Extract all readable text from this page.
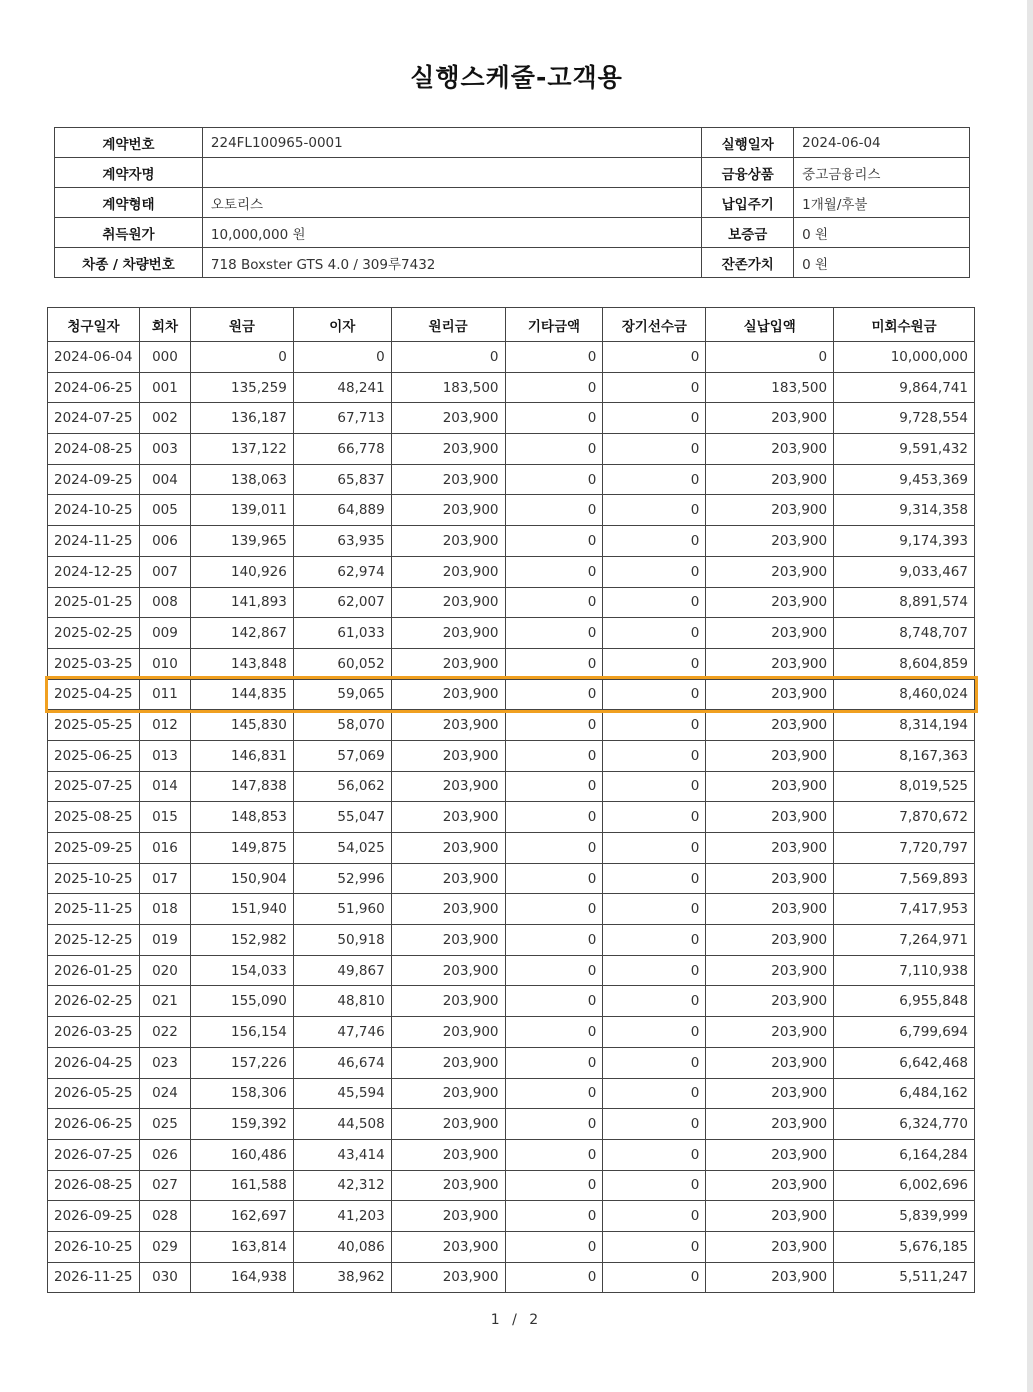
실행스케줄-고객용
계약번호	224FL100965-0001	실행일자	2024-06-04
계약자명		금융상품	중고금융리스
계약형태	오토리스	납입주기	1개월/후불
취득원가	10,000,000 원	보증금	0 원
차종 / 차량번호	718 Boxster GTS 4.0 / 309루7432	잔존가치	0 원
청구일자	회차	원금	이자	원리금	기타금액	장기선수금	실납입액	미회수원금
2024-06-04	000	0	0	0	0	0	0	10,000,000
2024-06-25	001	135,259	48,241	183,500	0	0	183,500	9,864,741
2024-07-25	002	136,187	67,713	203,900	0	0	203,900	9,728,554
2024-08-25	003	137,122	66,778	203,900	0	0	203,900	9,591,432
2024-09-25	004	138,063	65,837	203,900	0	0	203,900	9,453,369
2024-10-25	005	139,011	64,889	203,900	0	0	203,900	9,314,358
2024-11-25	006	139,965	63,935	203,900	0	0	203,900	9,174,393
2024-12-25	007	140,926	62,974	203,900	0	0	203,900	9,033,467
2025-01-25	008	141,893	62,007	203,900	0	0	203,900	8,891,574
2025-02-25	009	142,867	61,033	203,900	0	0	203,900	8,748,707
2025-03-25	010	143,848	60,052	203,900	0	0	203,900	8,604,859
2025-04-25	011	144,835	59,065	203,900	0	0	203,900	8,460,024
2025-05-25	012	145,830	58,070	203,900	0	0	203,900	8,314,194
2025-06-25	013	146,831	57,069	203,900	0	0	203,900	8,167,363
2025-07-25	014	147,838	56,062	203,900	0	0	203,900	8,019,525
2025-08-25	015	148,853	55,047	203,900	0	0	203,900	7,870,672
2025-09-25	016	149,875	54,025	203,900	0	0	203,900	7,720,797
2025-10-25	017	150,904	52,996	203,900	0	0	203,900	7,569,893
2025-11-25	018	151,940	51,960	203,900	0	0	203,900	7,417,953
2025-12-25	019	152,982	50,918	203,900	0	0	203,900	7,264,971
2026-01-25	020	154,033	49,867	203,900	0	0	203,900	7,110,938
2026-02-25	021	155,090	48,810	203,900	0	0	203,900	6,955,848
2026-03-25	022	156,154	47,746	203,900	0	0	203,900	6,799,694
2026-04-25	023	157,226	46,674	203,900	0	0	203,900	6,642,468
2026-05-25	024	158,306	45,594	203,900	0	0	203,900	6,484,162
2026-06-25	025	159,392	44,508	203,900	0	0	203,900	6,324,770
2026-07-25	026	160,486	43,414	203,900	0	0	203,900	6,164,284
2026-08-25	027	161,588	42,312	203,900	0	0	203,900	6,002,696
2026-09-25	028	162,697	41,203	203,900	0	0	203,900	5,839,999
2026-10-25	029	163,814	40,086	203,900	0	0	203,900	5,676,185
2026-11-25	030	164,938	38,962	203,900	0	0	203,900	5,511,247
1 / 2
